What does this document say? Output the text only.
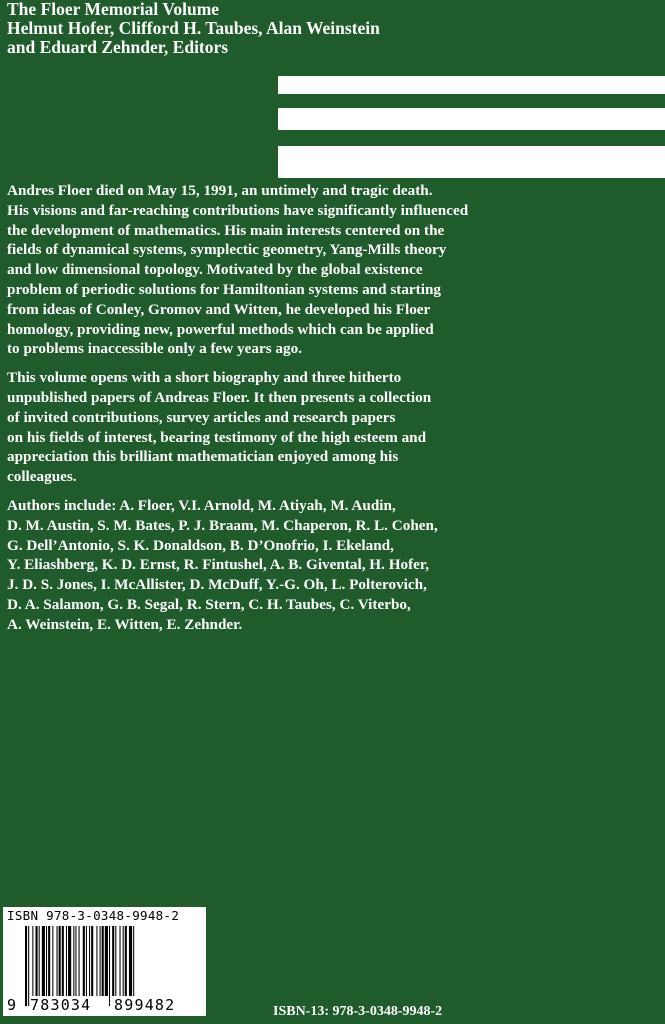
The Floer Memorial Volume
Helmut Hofer, Clifford H. Taubes, Alan Weinstein
and Eduard Zehnder, Editors
Andres Floer died on May 15, 1991, an untimely and tragic death.
His visions and far-reaching contributions have significantly influenced
the development of mathematics. His main interests centered on the
fields of dynamical systems, symplectic geometry, Yang-Mills theory
and low dimensional topology. Motivated by the global existence
problem of periodic solutions for Hamiltonian systems and starting
from ideas of Conley, Gromov and Witten, he developed his Floer
homology, providing new, powerful methods which can be applied
to problems inaccessible only a few years ago.
This volume opens with a short biography and three hitherto
unpublished papers of Andreas Floer. It then presents a collection
of invited contributions, survey articles and research papers
on his fields of interest, bearing testimony of the high esteem and
appreciation this brilliant mathematician enjoyed among his
colleagues.
Authors include: A. Floer, V.I. Arnold, M. Atiyah, M. Audin,
D. M. Austin, S. M. Bates, P. J. Braam, M. Chaperon, R. L. Cohen,
G. Dell’Antonio, S. K. Donaldson, B. D’Onofrio, I. Ekeland,
Y. Eliashberg, K. D. Ernst, R. Fintushel, A. B. Givental, H. Hofer,
J. D. S. Jones, I. McAllister, D. McDuff, Y.-G. Oh, L. Polterovich,
D. A. Salamon, G. B. Segal, R. Stern, C. H. Taubes, C. Viterbo,
A. Weinstein, E. Witten, E. Zehnder.
ISBN 978-3-0348-9948-2
9 783034 899482	ISBN-13: 978-3-0348-9948-2
